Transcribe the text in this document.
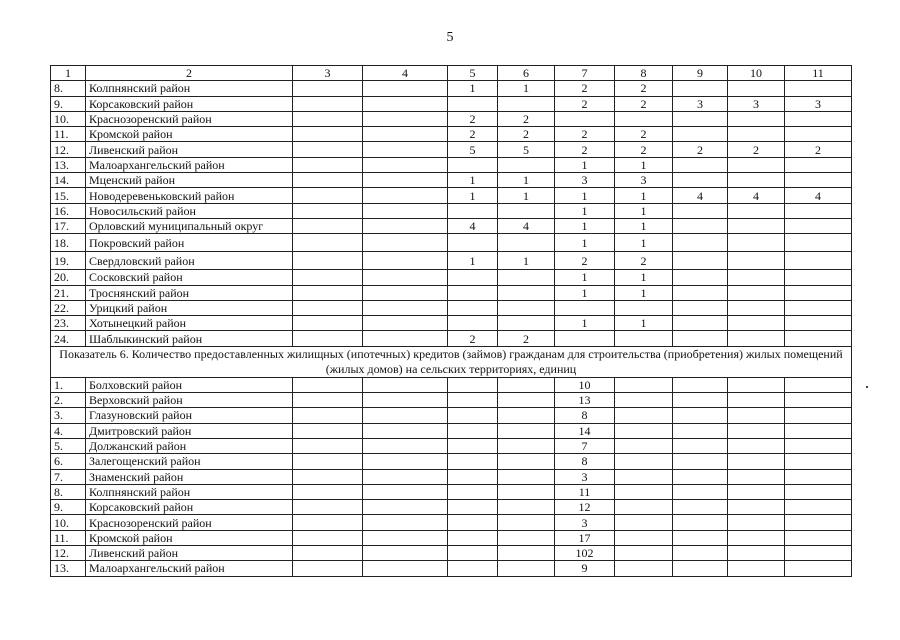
5
1	2	3	4	5	6	7	8	9	10	11
8.	Колпнянский район			1	1	2	2			
9.	Корсаковский район					2	2	3	3	3
10.	Краснозоренский район			2	2					
11.	Кромской район			2	2	2	2			
12.	Ливенский район			5	5	2	2	2	2	2
13.	Малоархангельский район					1	1			
14.	Мценский район			1	1	3	3			
15.	Новодеревеньковский район			1	1	1	1	4	4	4
16.	Новосильский район					1	1			
17.	Орловский муниципальный округ			4	4	1	1			
18.	Покровский район					1	1			
19.	Свердловский район			1	1	2	2			
20.	Сосковский район					1	1			
21.	Троснянский район					1	1			
22.	Урицкий район									
23.	Хотынецкий район					1	1			
24.	Шаблыкинский район			2	2					
Показатель 6. Количество предоставленных жилищных (ипотечных) кредитов (займов) гражданам для строительства (приобретения) жилых помещений (жилых домов) на сельских территориях, единиц										
1.	Болховский район					10				
2.	Верховский район					13				
3.	Глазуновский район					8				
4.	Дмитровский район					14				
5.	Должанский район					7				
6.	Залегощенский район					8				
7.	Знаменский район					3				
8.	Колпнянский район					11				
9.	Корсаковский район					12				
10.	Краснозоренский район					3				
11.	Кромской район					17				
12.	Ливенский район					102				
13.	Малоархангельский район					9				
